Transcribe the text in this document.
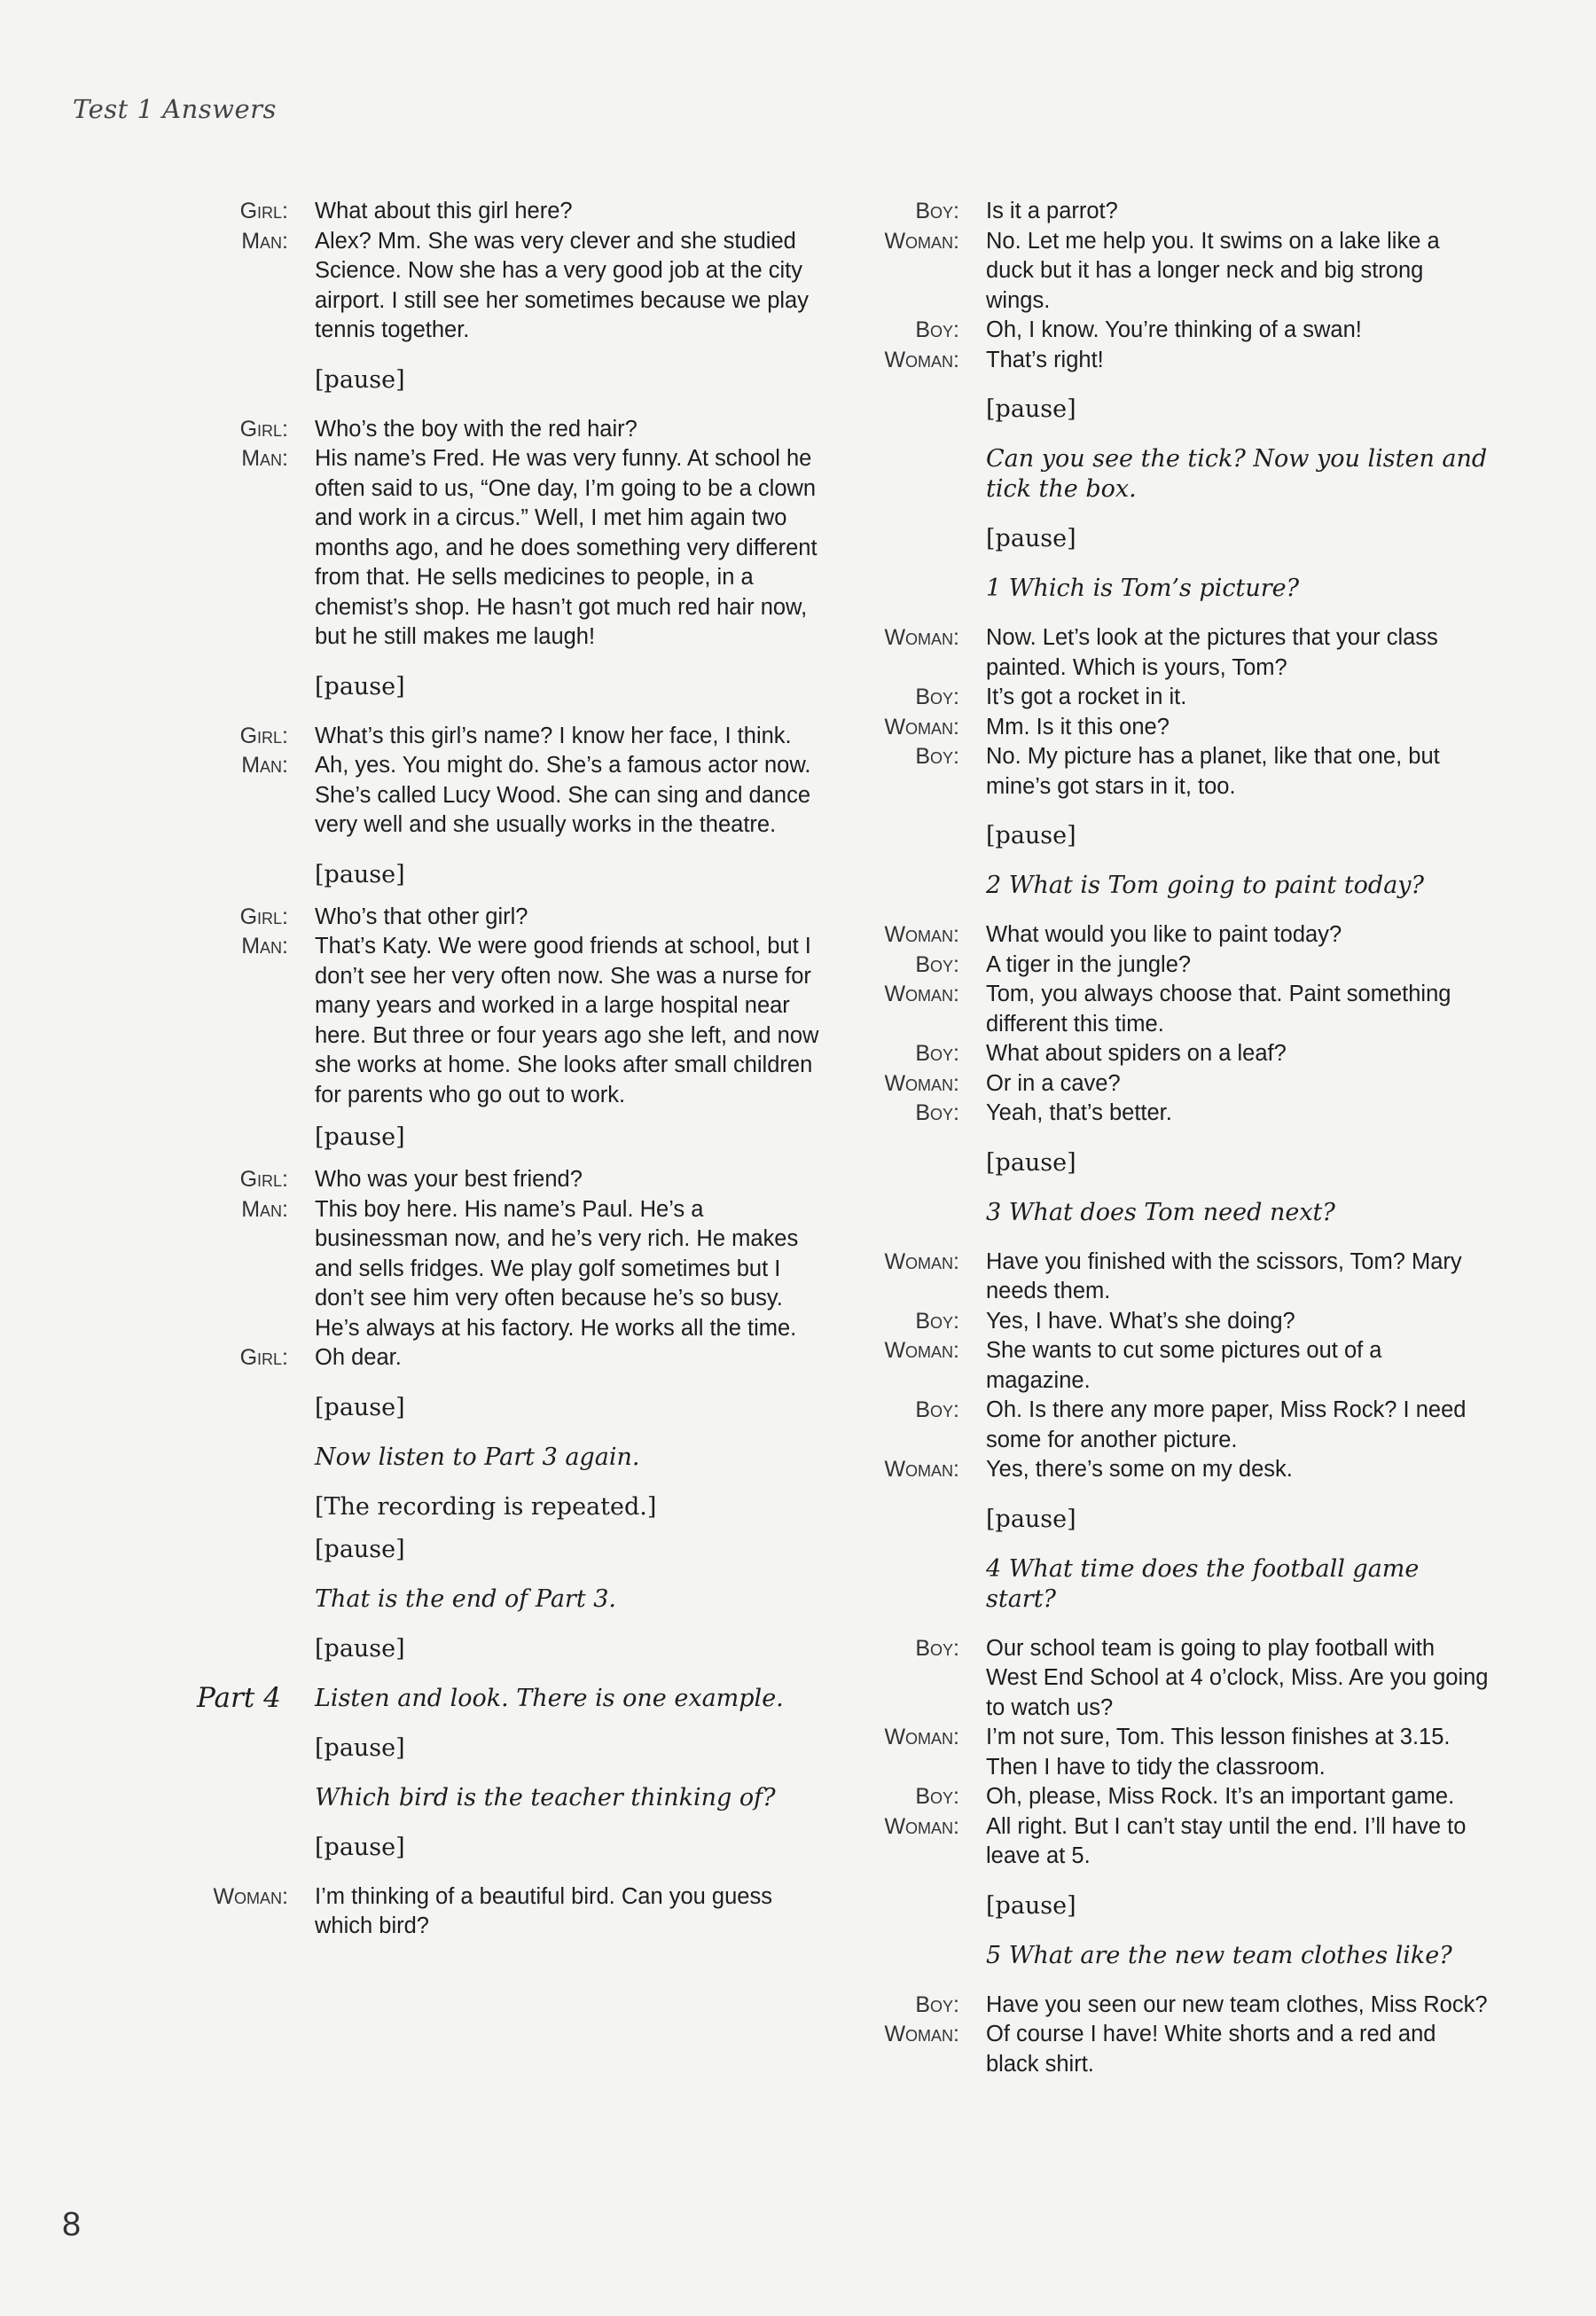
Test 1 Answers
Girl:	What about this girl here?
Man:	Alex? Mm. She was very clever and she studied Science. Now she has a very good job at the city airport. I still see her sometimes because we play tennis together.
[pause]
Girl:	Who’s the boy with the red hair?
Man:	His name’s Fred. He was very funny. At school he often said to us, “One day, I’m going to be a clown and work in a circus.” Well, I met him again two months ago, and he does something very different from that. He sells medicines to people, in a chemist’s shop. He hasn’t got much red hair now, but he still makes me laugh!
[pause]
Girl:	What’s this girl’s name? I know her face, I think.
Man:	Ah, yes. You might do. She’s a famous actor now. She’s called Lucy Wood. She can sing and dance very well and she usually works in the theatre.
[pause]
Girl:	Who’s that other girl?
Man:	That’s Katy. We were good friends at school, but I don’t see her very often now. She was a nurse for many years and worked in a large hospital near here. But three or four years ago she left, and now she works at home. She looks after small children for parents who go out to work.
[pause]
Girl:	Who was your best friend?
Man:	This boy here. His name’s Paul. He’s a businessman now, and he’s very rich. He makes and sells fridges. We play golf sometimes but I don’t see him very often because he’s so busy. He’s always at his factory. He works all the time.
Girl:	Oh dear.
[pause]
Now listen to Part 3 again.
[The recording is repeated.]
[pause]
That is the end of Part 3.
[pause]
Part 4	Listen and look. There is one example.
[pause]
Which bird is the teacher thinking of?
[pause]
Woman:	I’m thinking of a beautiful bird. Can you guess which bird?
Boy:	Is it a parrot?
Woman:	No. Let me help you. It swims on a lake like a duck but it has a longer neck and big strong wings.
Boy:	Oh, I know. You’re thinking of a swan!
Woman:	That’s right!
[pause]
Can you see the tick? Now you listen and tick the box.
[pause]
1 Which is Tom’s picture?
Woman:	Now. Let’s look at the pictures that your class painted. Which is yours, Tom?
Boy:	It’s got a rocket in it.
Woman:	Mm. Is it this one?
Boy:	No. My picture has a planet, like that one, but mine’s got stars in it, too.
[pause]
2 What is Tom going to paint today?
Woman:	What would you like to paint today?
Boy:	A tiger in the jungle?
Woman:	Tom, you always choose that. Paint something different this time.
Boy:	What about spiders on a leaf?
Woman:	Or in a cave?
Boy:	Yeah, that’s better.
[pause]
3 What does Tom need next?
Woman:	Have you finished with the scissors, Tom? Mary needs them.
Boy:	Yes, I have. What’s she doing?
Woman:	She wants to cut some pictures out of a magazine.
Boy:	Oh. Is there any more paper, Miss Rock? I need some for another picture.
Woman:	Yes, there’s some on my desk.
[pause]
4 What time does the football game start?
Boy:	Our school team is going to play football with West End School at 4 o’clock, Miss. Are you going to watch us?
Woman:	I’m not sure, Tom. This lesson finishes at 3.15. Then I have to tidy the classroom.
Boy:	Oh, please, Miss Rock. It’s an important game.
Woman:	All right. But I can’t stay until the end. I’ll have to leave at 5.
[pause]
5 What are the new team clothes like?
Boy:	Have you seen our new team clothes, Miss Rock?
Woman:	Of course I have! White shorts and a red and black shirt.
8
